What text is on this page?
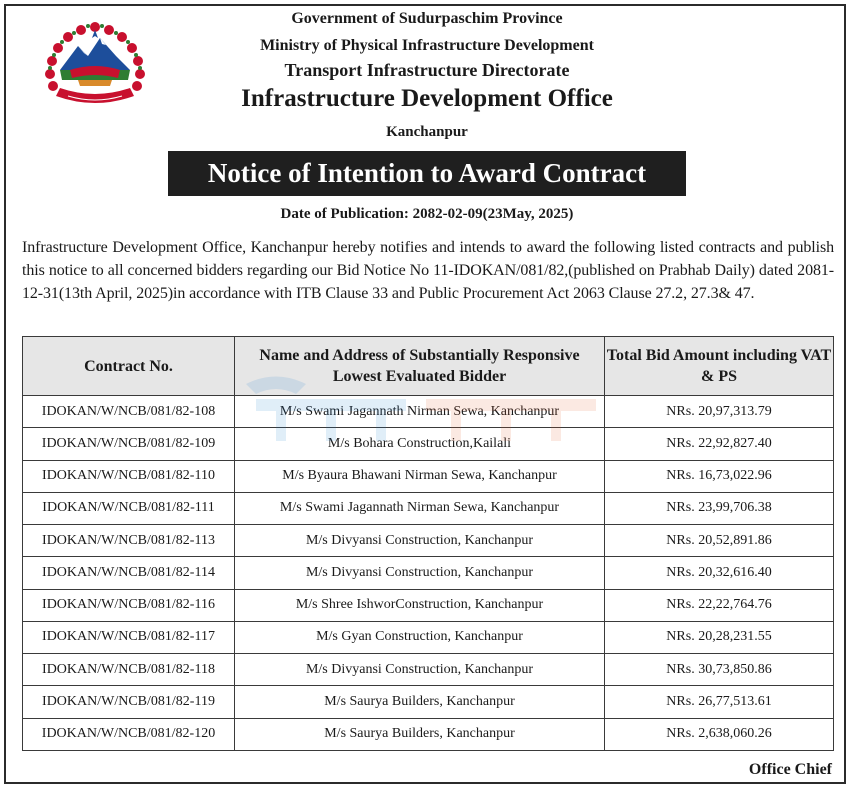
Government of Sudurpaschim Province
Ministry of Physical Infrastructure Development
Transport Infrastructure Directorate
Infrastructure Development Office
Kanchanpur
Notice of Intention to Award Contract
Date of Publication: 2082-02-09(23May, 2025)
Infrastructure Development Office, Kanchanpur hereby notifies and intends to award the following listed contracts and publish this notice to all concerned bidders regarding our Bid Notice No 11-IDOKAN/081/82,(published on Prabhab Daily) dated 2081-12-31(13th April, 2025)in accordance with ITB Clause 33 and Public Procurement Act 2063 Clause 27.2, 27.3& 47.
Contract No.	Name and Address of Substantially Responsive Lowest Evaluated Bidder	Total Bid Amount including VAT & PS
IDOKAN/W/NCB/081/82-108	M/s Swami Jagannath Nirman Sewa, Kanchanpur	NRs. 20,97,313.79
IDOKAN/W/NCB/081/82-109	M/s Bohara Construction,Kailali	NRs. 22,92,827.40
IDOKAN/W/NCB/081/82-110	M/s Byaura Bhawani Nirman Sewa, Kanchanpur	NRs. 16,73,022.96
IDOKAN/W/NCB/081/82-111	M/s Swami Jagannath Nirman Sewa, Kanchanpur	NRs. 23,99,706.38
IDOKAN/W/NCB/081/82-113	M/s Divyansi Construction, Kanchanpur	NRs. 20,52,891.86
IDOKAN/W/NCB/081/82-114	M/s Divyansi Construction, Kanchanpur	NRs. 20,32,616.40
IDOKAN/W/NCB/081/82-116	M/s Shree IshworConstruction, Kanchanpur	NRs. 22,22,764.76
IDOKAN/W/NCB/081/82-117	M/s Gyan Construction, Kanchanpur	NRs. 20,28,231.55
IDOKAN/W/NCB/081/82-118	M/s Divyansi Construction, Kanchanpur	NRs. 30,73,850.86
IDOKAN/W/NCB/081/82-119	M/s Saurya Builders, Kanchanpur	NRs. 26,77,513.61
IDOKAN/W/NCB/081/82-120	M/s Saurya Builders, Kanchanpur	NRs. 2,638,060.26
Office Chief
